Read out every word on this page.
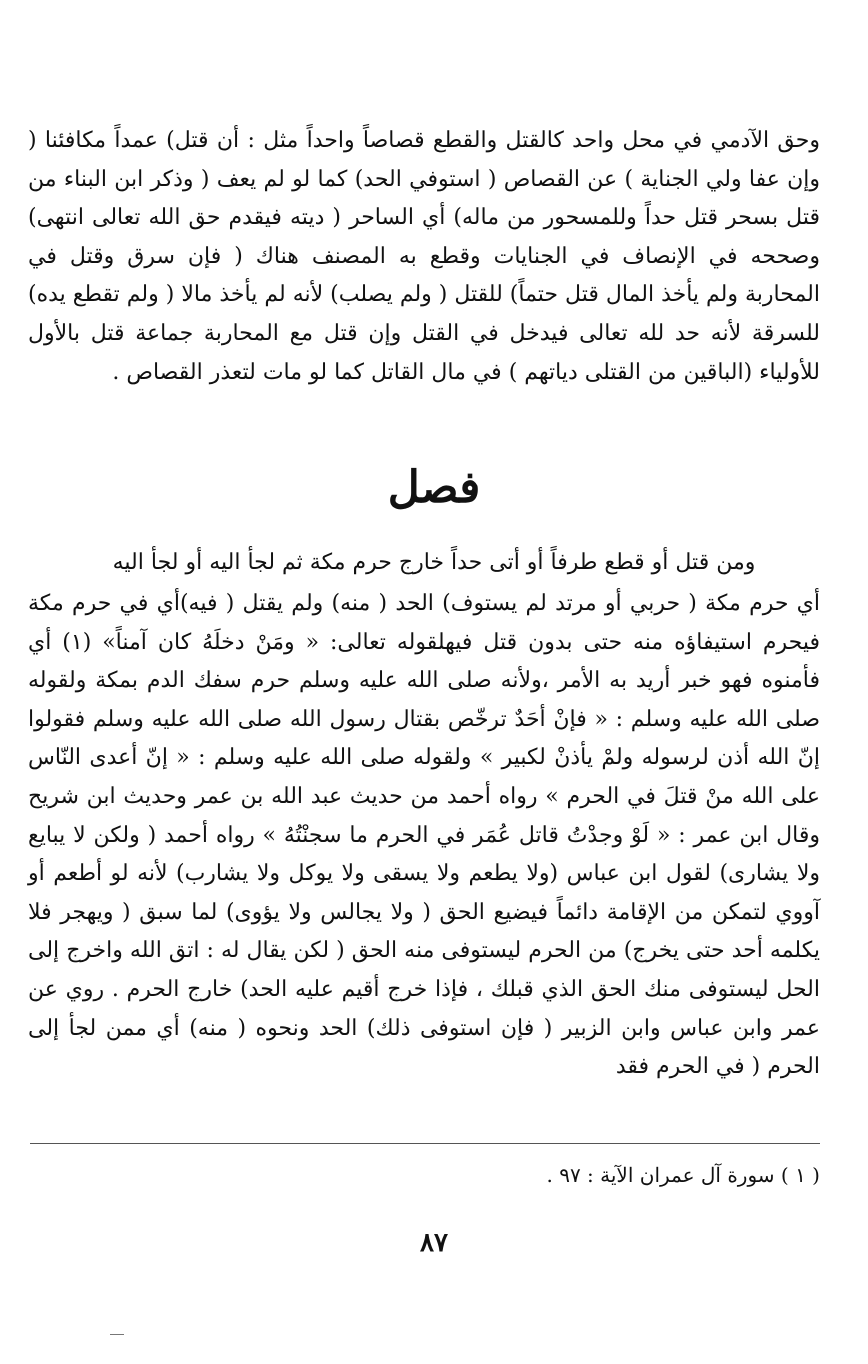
وحق الآدمي في محل واحد كالقتل والقطع قصاصاً واحداً مثل : أن قتل) عمداً مكافئنا ( وإن عفا ولي الجناية ) عن القصاص ( استوفي الحد) كما لو لم يعف ( وذكر ابن البناء من قتل بسحر قتل حداً وللمسحور من ماله) أي الساحر ( ديته فيقدم حق الله تعالى انتهى) وصححه في الإنصاف في الجنايات وقطع به المصنف هناك ( فإن سرق وقتل في المحاربة ولم يأخذ المال قتل حتماً) للقتل ( ولم يصلب) لأنه لم يأخذ مالا ( ولم تقطع يده) للسرقة لأنه حد لله تعالى فيدخل في القتل وإن قتل مع المحاربة جماعة قتل بالأول للأولياء (الباقين من القتلى دياتهم ) في مال القاتل كما لو مات لتعذر القصاص .

فصل

ومن قتل أو قطع طرفاً أو أتى حداً خارج حرم مكة ثم لجأ اليه أو لجأ اليه

أي حرم مكة ( حربي أو مرتد لم يستوف) الحد ( منه) ولم يقتل ( فيه)أي في حرم مكة فيحرم استيفاؤه منه حتى بدون قتل فيهلقوله تعالى: « ومَنْ دخلَهُ كان آمناً» (١) أي فأمنوه فهو خبر أريد به الأمر ،ولأنه صلى الله عليه وسلم حرم سفك الدم بمكة ولقوله صلى الله عليه وسلم : « فإنْ أحَدٌ ترخّص بقتال رسول الله صلى الله عليه وسلم فقولوا إنّ الله أذن لرسوله ولمْ يأذنْ لكبير » ولقوله صلى الله عليه وسلم : « إنّ أعدى النّاس على الله منْ قتلَ في الحرم » رواه أحمد من حديث عبد الله بن عمر وحديث ابن شريح وقال ابن عمر : « لَوْ وجدْتُ قاتل عُمَر في الحرم ما سجنْتُهُ » رواه أحمد ( ولكن لا يبايع ولا يشارى) لقول ابن عباس (ولا يطعم ولا يسقى ولا يوكل ولا يشارب) لأنه لو أطعم أو آووي لتمكن من الإقامة دائماً فيضيع الحق ( ولا يجالس ولا يؤوى) لما سبق ( ويهجر فلا يكلمه أحد حتى يخرج) من الحرم ليستوفى منه الحق ( لكن يقال له : اتق الله واخرج إلى الحل ليستوفى منك الحق الذي قبلك ، فإذا خرج أقيم عليه الحد) خارج الحرم . روي عن عمر وابن عباس وابن الزبير ( فإن استوفى ذلك) الحد ونحوه ( منه) أي ممن لجأ إلى الحرم ( في الحرم فقد

( ١ ) سورة آل عمران الآية : ٩٧ .

٨٧
